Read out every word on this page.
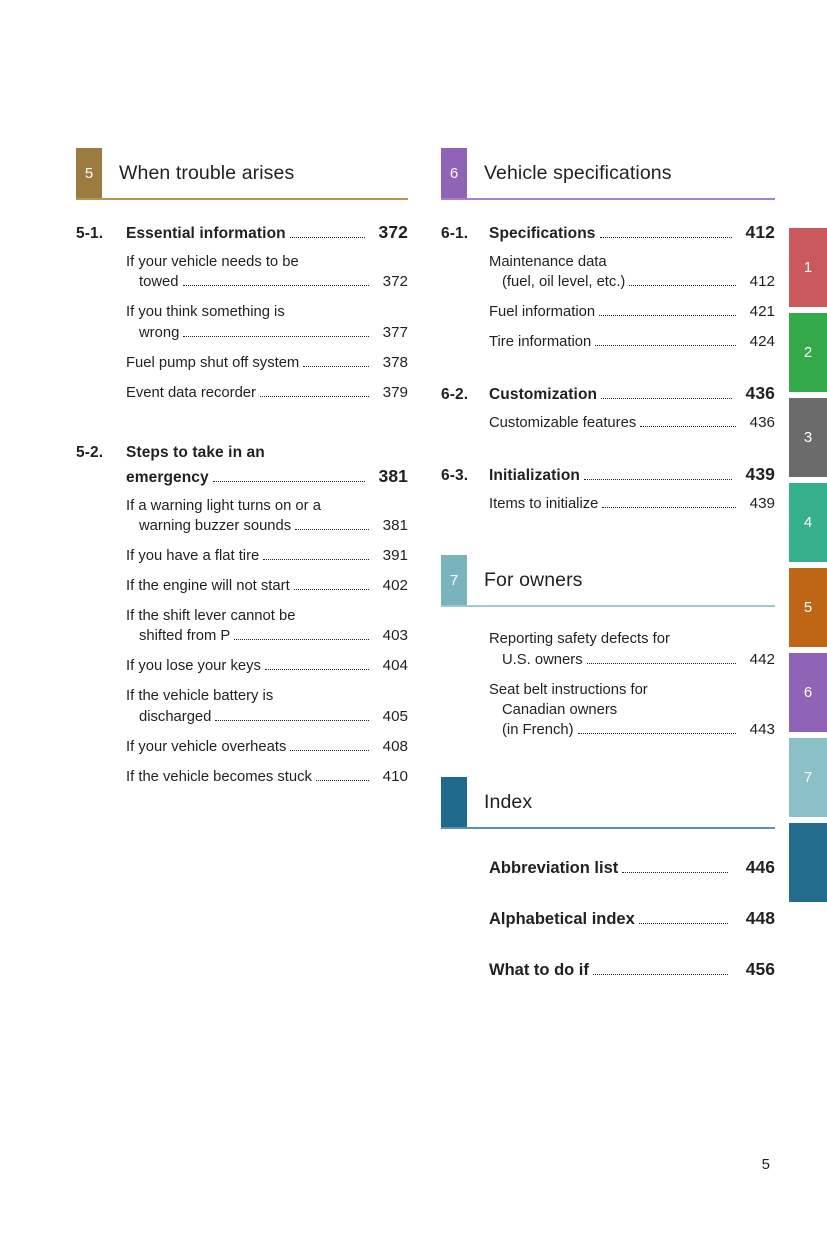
5	When trouble arises
5-1.	Essential information	372
If your vehicle needs to be
towed	372
If you think something is
wrong	377
Fuel pump shut off system	378
Event data recorder	379
5-2.	Steps to take in an
emergency	381
If a warning light turns on or a
warning buzzer sounds	381
If you have a flat tire	391
If the engine will not start	402
If the shift lever cannot be
shifted from P	403
If you lose your keys	404
If the vehicle battery is
discharged	405
If your vehicle overheats	408
If the vehicle becomes stuck	410
6	Vehicle specifications
6-1.	Specifications	412
Maintenance data
(fuel, oil level, etc.)	412
Fuel information	421
Tire information	424
6-2.	Customization	436
Customizable features	436
6-3.	Initialization	439
Items to initialize	439
7	For owners
Reporting safety defects for
U.S. owners	442
Seat belt instructions for
Canadian owners
(in French)	443
Index
Abbreviation list	446
Alphabetical index	448
What to do if	456
1
2
3
4
5
6
7
5
